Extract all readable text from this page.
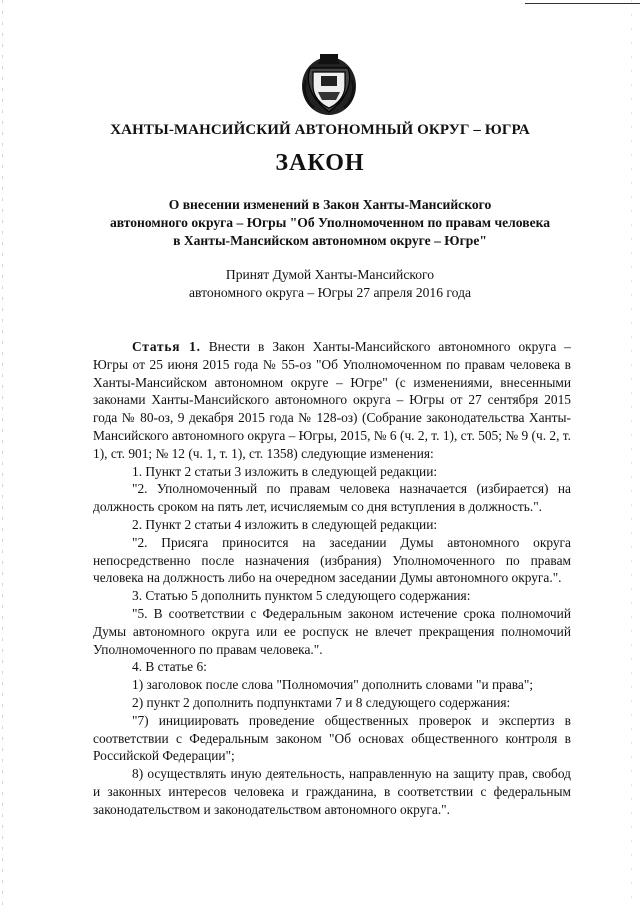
ХАНТЫ-МАНСИЙСКИЙ АВТОНОМНЫЙ ОКРУГ – ЮГРА
ЗАКОН
О внесении изменений в Закон Ханты-Мансийского
автономного округа – Югры "Об Уполномоченном по правам человека
в Ханты-Мансийском автономном округе – Югре"
Принят Думой Ханты-Мансийского
автономного округа – Югры 27 апреля 2016 года

Статья 1. Внести в Закон Ханты-Мансийского автономного округа – Югры от 25 июня 2015 года № 55-оз "Об Уполномоченном по правам человека в Ханты-Мансийском автономном округе – Югре" (с изменениями, внесенными законами Ханты-Мансийского автономного округа – Югры от 27 сентября 2015 года № 80-оз, 9 декабря 2015 года № 128-оз) (Собрание законодательства Ханты-Мансийского автономного округа – Югры, 2015, № 6 (ч. 2, т. 1), ст. 505; № 9 (ч. 2, т. 1), ст. 901; № 12 (ч. 1, т. 1), ст. 1358) следующие изменения:

1. Пункт 2 статьи 3 изложить в следующей редакции:

"2. Уполномоченный по правам человека назначается (избирается) на должность сроком на пять лет, исчисляемым со дня вступления в должность.".

2. Пункт 2 статьи 4 изложить в следующей редакции:

"2. Присяга приносится на заседании Думы автономного округа непосредственно после назначения (избрания) Уполномоченного по правам человека на должность либо на очередном заседании Думы автономного округа.".

3. Статью 5 дополнить пунктом 5 следующего содержания:

"5. В соответствии с Федеральным законом истечение срока полномочий Думы автономного округа или ее роспуск не влечет прекращения полномочий Уполномоченного по правам человека.".

4. В статье 6:

1) заголовок после слова "Полномочия" дополнить словами "и права";

2) пункт 2 дополнить подпунктами 7 и 8 следующего содержания:

"7) инициировать проведение общественных проверок и экспертиз в соответствии с Федеральным законом "Об основах общественного контроля в Российской Федерации";

8) осуществлять иную деятельность, направленную на защиту прав, свобод и законных интересов человека и гражданина, в соответствии с федеральным законодательством и законодательством автономного округа.".
